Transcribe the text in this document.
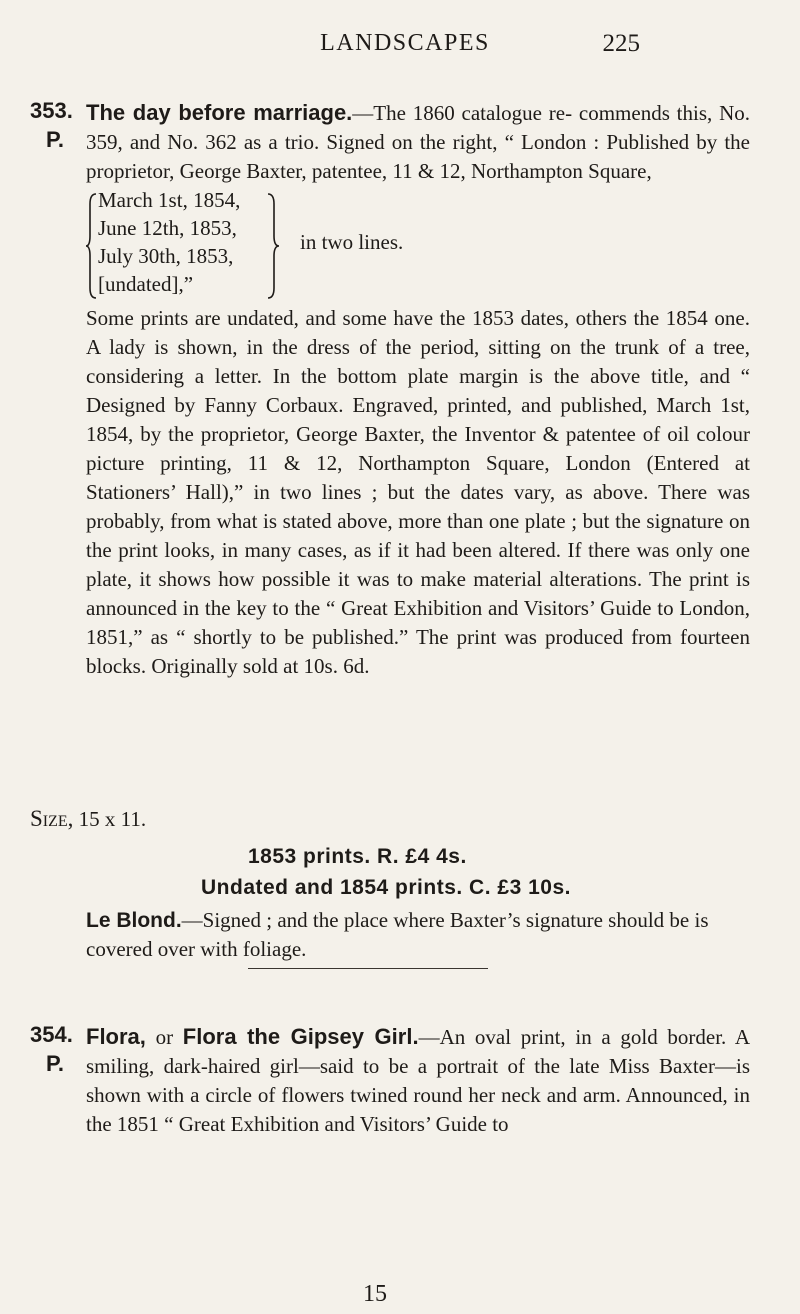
LANDSCAPES	225
353.
P.
The day before marriage.—The 1860 catalogue re- commends this, No. 359, and No. 362 as a trio. Signed on the right, “ London : Published by the proprietor, George Baxter, patentee, 11 & 12, Northampton Square,
March 1st, 1854,
June 12th, 1853,
July 30th, 1853,
[undated],”
in two lines.
Some prints are undated, and some have the 1853 dates, others the 1854 one. A lady is shown, in the dress of the period, sitting on the trunk of a tree, considering a letter. In the bottom plate margin is the above title, and “ Designed by Fanny Corbaux. Engraved, printed, and published, March 1st, 1854, by the proprietor, George Baxter, the Inventor & patentee of oil colour picture printing, 11 & 12, Northampton Square, London (Entered at Stationers’ Hall),” in two lines ; but the dates vary, as above. There was probably, from what is stated above, more than one plate ; but the signature on the print looks, in many cases, as if it had been altered. If there was only one plate, it shows how possible it was to make material alterations. The print is announced in the key to the “ Great Exhibition and Visitors’ Guide to London, 1851,” as “ shortly to be published.” The print was produced from fourteen blocks. Originally sold at 10s. 6d.
Size, 15 x 11.
1853 prints. R. £4 4s.
Undated and 1854 prints. C. £3 10s.
Le Blond.—Signed ; and the place where Baxter’s signature should be is covered over with foliage.
354.
P.
Flora, or Flora the Gipsey Girl.—An oval print, in a gold border. A smiling, dark-haired girl—said to be a portrait of the late Miss Baxter—is shown with a circle of flowers twined round her neck and arm. Announced, in the 1851 “ Great Exhibition and Visitors’ Guide to
15
